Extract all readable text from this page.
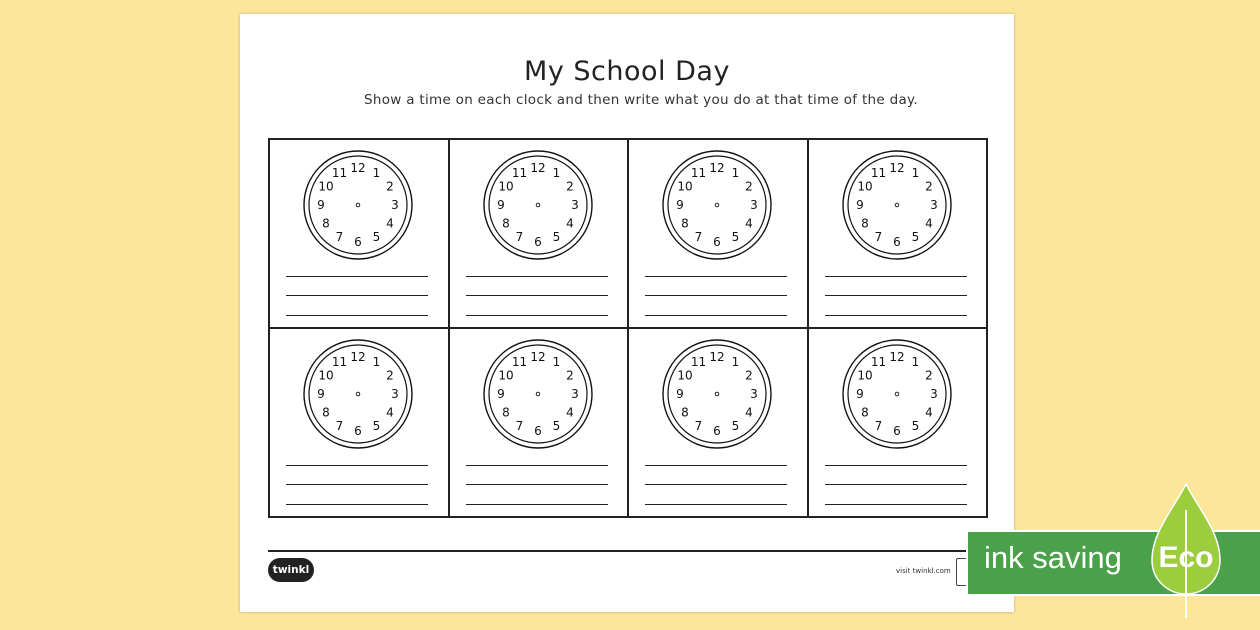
My School Day
Show a time on each clock and then write what you do at that time of the day.
12 1
2
3
4
5
6
7
8
9
10
11	12 1
2
3
4
5
6
7
8
9
10
11	12 1
2
3
4
5
6
7
8
9
10
11	12 1
2
3
4
5
6
7
8
9
10
11
12 1
2
3
4
5
6
7
8
9
10
11	12 1
2
3
4
5
6
7
8
9
10
11	12 1
2
3
4
5
6
7
8
9
10
11	12 1
2
3
4
5
6
7
8
9
10
11
twinkl	visit twinkl.com ink saving Eco
